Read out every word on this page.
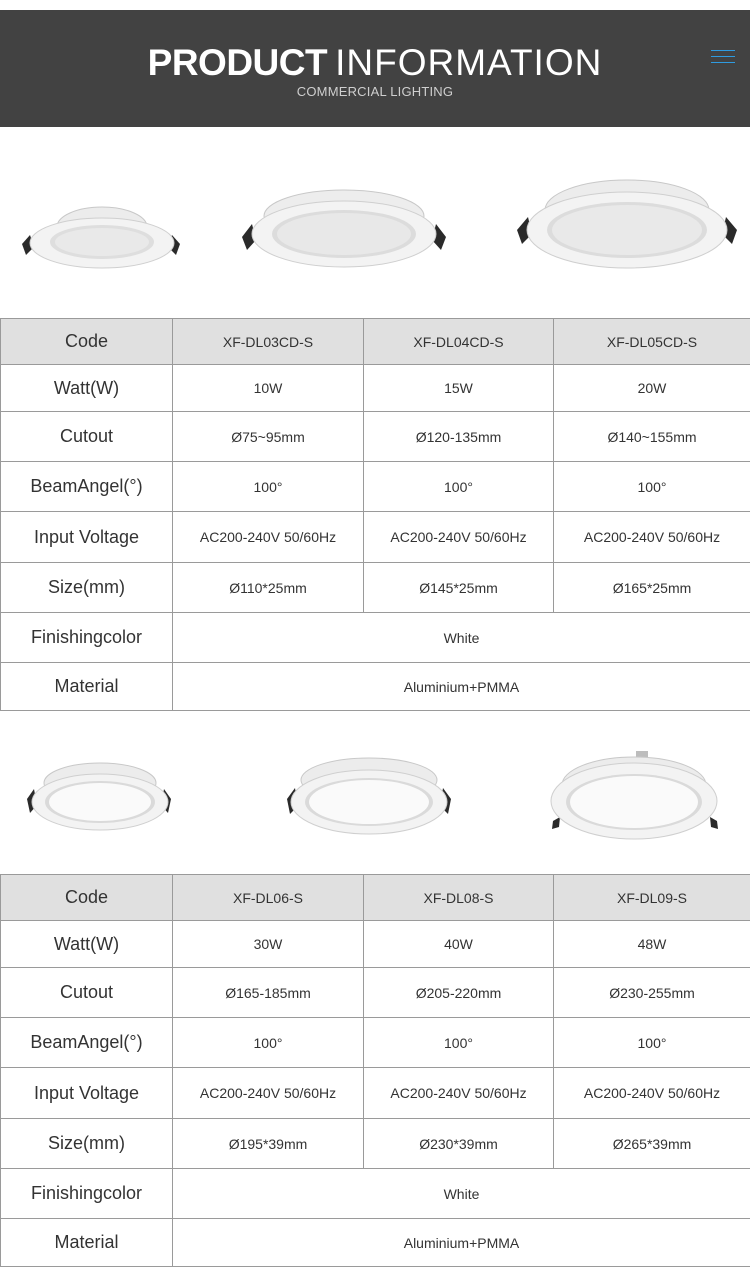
PRODUCT INFORMATION
COMMERCIAL LIGHTING
Code	XF-DL03CD-S	XF-DL04CD-S	XF-DL05CD-S
Watt(W)	10W	15W	20W
Cutout	Ø75~95mm	Ø120-135mm	Ø140~155mm
BeamAngel(°)	100°	100°	100°
Input Voltage	AC200-240V 50/60Hz	AC200-240V 50/60Hz	AC200-240V 50/60Hz
Size(mm)	Ø110*25mm	Ø145*25mm	Ø165*25mm
Finishingcolor	White		
Material	Aluminium+PMMA		
Code	XF-DL06-S	XF-DL08-S	XF-DL09-S
Watt(W)	30W	40W	48W
Cutout	Ø165-185mm	Ø205-220mm	Ø230-255mm
BeamAngel(°)	100°	100°	100°
Input Voltage	AC200-240V 50/60Hz	AC200-240V 50/60Hz	AC200-240V 50/60Hz
Size(mm)	Ø195*39mm	Ø230*39mm	Ø265*39mm
Finishingcolor	White		
Material	Aluminium+PMMA		
